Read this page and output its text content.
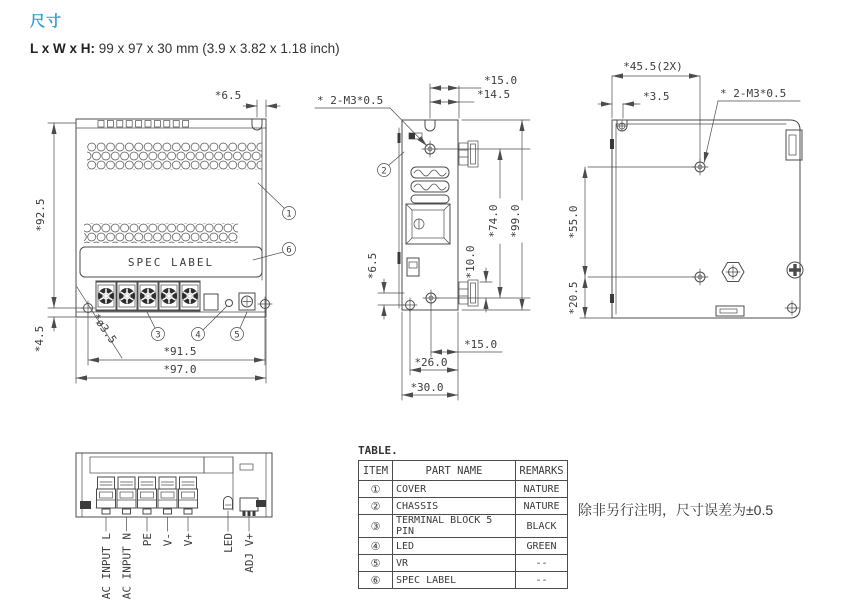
尺寸
L x W x H: 99 x 97 x 30 mm (3.9 x 3.82 x 1.18 inch)
SPEC LABEL
*92.5
*4.5
*6.5
*ø3.5
*91.5
*97.0
1
6
3	4	5
*15.0
*14.5
*74.0 *99.0
*10.0
*6.5
*15.0
*26.0
*30.0
* 2-M3*0.5
2
*45.5(2X)
*3.5
*55.0
*20.5
* 2-M3*0.5
AC INPUT L AC INPUT N PE V- V+ LED ADJ V+
TABLE.
ITEM	PART NAME	REMARKS
①	COVER	NATURE
②	CHASSIS	NATURE
③	TERMINAL BLOCK 5 PIN	BLACK
④	LED	GREEN
⑤	VR	--
⑥	SPEC LABEL	--
除非另行注明，尺寸误差为±0.5
